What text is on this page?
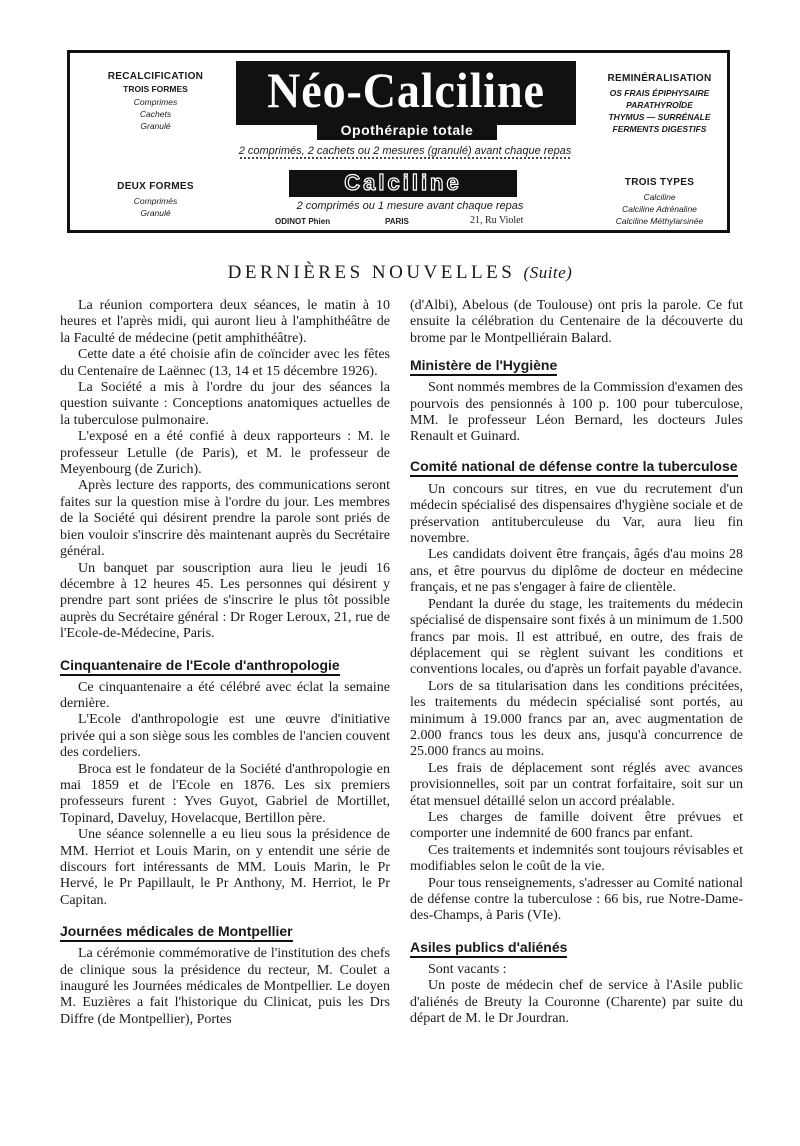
RECALCIFICATION
TROIS FORMES
Comprimes
Cachets
Granulé
REMINÉRALISATION
OS FRAIS ÉPIPHYSAIRE
PARATHYROÏDE
THYMUS — SURRÉNALE
FERMENTS DIGESTIFS
Néo-Calciline
Opothérapie totale
2 comprimés, 2 cachets ou 2 mesures (granulé) avant chaque repas
DEUX FORMES
Comprimés
Granulé
Calciline
2 comprimés ou 1 mesure avant chaque repas
ODINOT Phien	PARIS	21, Ru Violet
TROIS TYPES
Calciline
Calciline Adrénaline
Calciline Méthylarsinée
DERNIÈRES NOUVELLES (Suite)

La réunion comportera deux séances, le matin à 10 heures et l'après midi, qui auront lieu à l'amphithéâtre de la Faculté de médecine (petit amphithéâtre).

Cette date a été choisie afin de coïncider avec les fêtes du Centenaire de Laënnec (13, 14 et 15 décembre 1926).

La Société a mis à l'ordre du jour des séances la question suivante : Conceptions anatomiques actuelles de la tuberculose pulmonaire.

L'exposé en a été confié à deux rapporteurs : M. le professeur Letulle (de Paris), et M. le professeur de Meyenbourg (de Zurich).

Après lecture des rapports, des communications seront faites sur la question mise à l'ordre du jour. Les membres de la Société qui désirent prendre la parole sont priés de bien vouloir s'inscrire dès maintenant auprès du Secrétaire général.

Un banquet par souscription aura lieu le jeudi 16 décembre à 12 heures 45. Les personnes qui désirent y prendre part sont priées de s'inscrire le plus tôt possible auprès du Secrétaire général : Dr Roger Leroux, 21, rue de l'Ecole-de-Médecine, Paris.

Cinquantenaire de l'Ecole d'anthropologie

Ce cinquantenaire a été célébré avec éclat la semaine dernière.

L'Ecole d'anthropologie est une œuvre d'initiative privée qui a son siège sous les combles de l'ancien couvent des cordeliers.

Broca est le fondateur de la Société d'anthropologie en mai 1859 et de l'Ecole en 1876. Les six premiers professeurs furent : Yves Guyot, Gabriel de Mortillet, Topinard, Daveluy, Hovelacque, Bertillon père.

Une séance solennelle a eu lieu sous la présidence de MM. Herriot et Louis Marin, on y entendit une série de discours fort intéressants de MM. Louis Marin, le Pr Hervé, le Pr Papillault, le Pr Anthony, M. Herriot, le Pr Capitan.

Journées médicales de Montpellier

La cérémonie commémorative de l'institution des chefs de clinique sous la présidence du recteur, M. Coulet a inauguré les Journées médicales de Montpellier. Le doyen M. Euzières a fait l'historique du Clinicat, puis les Drs Diffre (de Montpellier), Portes

(d'Albi), Abelous (de Toulouse) ont pris la parole. Ce fut ensuite la célébration du Centenaire de la découverte du brome par le Montpelliérain Balard.

Ministère de l'Hygiène

Sont nommés membres de la Commission d'examen des pourvois des pensionnés à 100 p. 100 pour tuberculose, MM. le professeur Léon Bernard, les docteurs Jules Renault et Guinard.

Comité national de défense contre la tuberculose

Un concours sur titres, en vue du recrutement d'un médecin spécialisé des dispensaires d'hygiène sociale et de préservation antituberculeuse du Var, aura lieu fin novembre.

Les candidats doivent être français, âgés d'au moins 28 ans, et être pourvus du diplôme de docteur en médecine français, et ne pas s'engager à faire de clientèle.

Pendant la durée du stage, les traitements du médecin spécialisé de dispensaire sont fixés à un minimum de 1.500 francs par mois. Il est attribué, en outre, des frais de déplacement qui se règlent suivant les conditions et conventions locales, ou d'après un forfait payable d'avance.

Lors de sa titularisation dans les conditions précitées, les traitements du médecin spécialisé sont portés, au minimum à 19.000 francs par an, avec augmentation de 2.000 francs tous les deux ans, jusqu'à concurrence de 25.000 francs au moins.

Les frais de déplacement sont réglés avec avances provisionnelles, soit par un contrat forfaitaire, soit sur un état mensuel détaillé selon un accord préalable.

Les charges de famille doivent être prévues et comporter une indemnité de 600 francs par enfant.

Ces traitements et indemnités sont toujours révisables et modifiables selon le coût de la vie.

Pour tous renseignements, s'adresser au Comité national de défense contre la tuberculose : 66 bis, rue Notre-Dame-des-Champs, à Paris (VIe).

Asiles publics d'aliénés

Sont vacants :

Un poste de médecin chef de service à l'Asile public d'aliénés de Breuty la Couronne (Charente) par suite du départ de M. le Dr Jourdran.
